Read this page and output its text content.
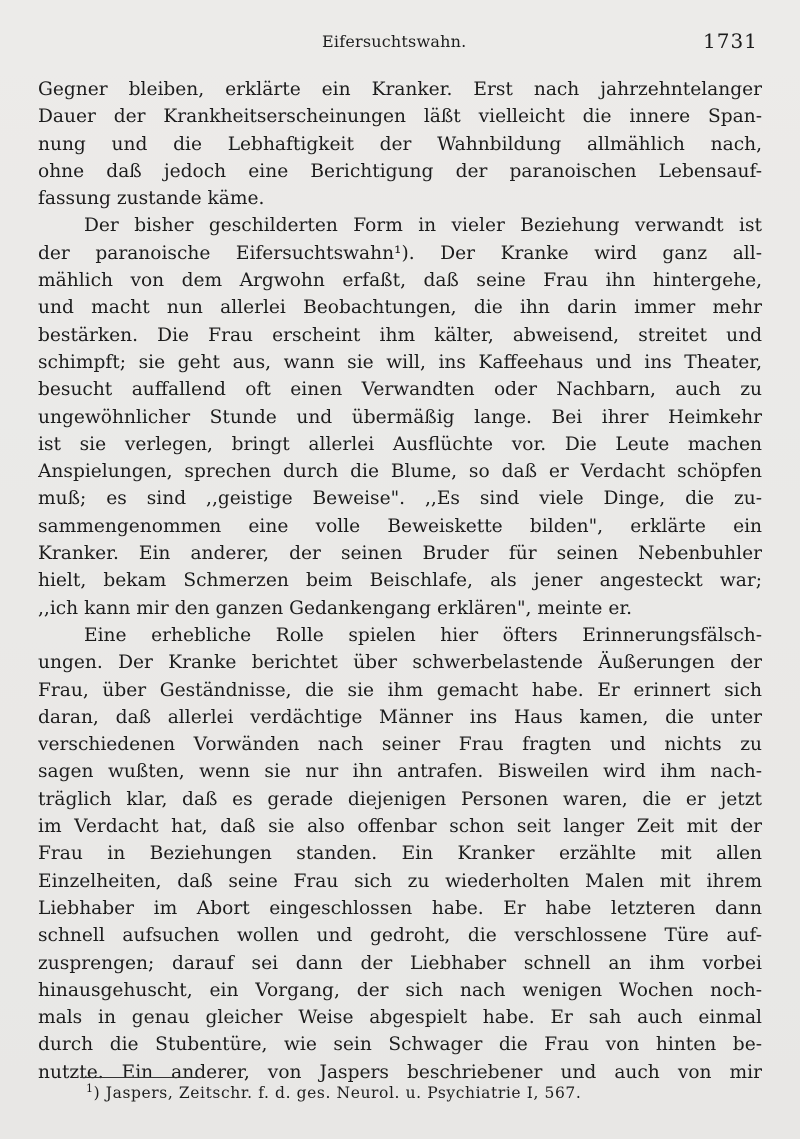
Eifersuchtswahn.	1731
Gegner bleiben, erklärte ein Kranker. Erst nach jahrzehntelanger
Dauer der Krankheitserscheinungen läßt vielleicht die innere Span-
nung und die Lebhaftigkeit der Wahnbildung allmählich nach,
ohne daß jedoch eine Berichtigung der paranoischen Lebensauf-
fassung zustande käme.
Der bisher geschilderten Form in vieler Beziehung verwandt ist
der paranoische Eifersuchtswahn¹). Der Kranke wird ganz all-
mählich von dem Argwohn erfaßt, daß seine Frau ihn hintergehe,
und macht nun allerlei Beobachtungen, die ihn darin immer mehr
bestärken. Die Frau erscheint ihm kälter, abweisend, streitet und
schimpft; sie geht aus, wann sie will, ins Kaffeehaus und ins Theater,
besucht auffallend oft einen Verwandten oder Nachbarn, auch zu
ungewöhnlicher Stunde und übermäßig lange. Bei ihrer Heimkehr
ist sie verlegen, bringt allerlei Ausflüchte vor. Die Leute machen
Anspielungen, sprechen durch die Blume, so daß er Verdacht schöpfen
muß; es sind ,,geistige Beweise". ,,Es sind viele Dinge, die zu-
sammengenommen eine volle Beweiskette bilden", erklärte ein
Kranker. Ein anderer, der seinen Bruder für seinen Nebenbuhler
hielt, bekam Schmerzen beim Beischlafe, als jener angesteckt war;
,,ich kann mir den ganzen Gedankengang erklären", meinte er.
Eine erhebliche Rolle spielen hier öfters Erinnerungsfälsch-
ungen. Der Kranke berichtet über schwerbelastende Äußerungen der
Frau, über Geständnisse, die sie ihm gemacht habe. Er erinnert sich
daran, daß allerlei verdächtige Männer ins Haus kamen, die unter
verschiedenen Vorwänden nach seiner Frau fragten und nichts zu
sagen wußten, wenn sie nur ihn antrafen. Bisweilen wird ihm nach-
träglich klar, daß es gerade diejenigen Personen waren, die er jetzt
im Verdacht hat, daß sie also offenbar schon seit langer Zeit mit der
Frau in Beziehungen standen. Ein Kranker erzählte mit allen
Einzelheiten, daß seine Frau sich zu wiederholten Malen mit ihrem
Liebhaber im Abort eingeschlossen habe. Er habe letzteren dann
schnell aufsuchen wollen und gedroht, die verschlossene Türe auf-
zusprengen; darauf sei dann der Liebhaber schnell an ihm vorbei
hinausgehuscht, ein Vorgang, der sich nach wenigen Wochen noch-
mals in genau gleicher Weise abgespielt habe. Er sah auch einmal
durch die Stubentüre, wie sein Schwager die Frau von hinten be-
nutzte. Ein anderer, von Jaspers beschriebener und auch von mir
$^1$) Jaspers, Zeitschr. f. d. ges. Neurol. u. Psychiatrie I, 567.
